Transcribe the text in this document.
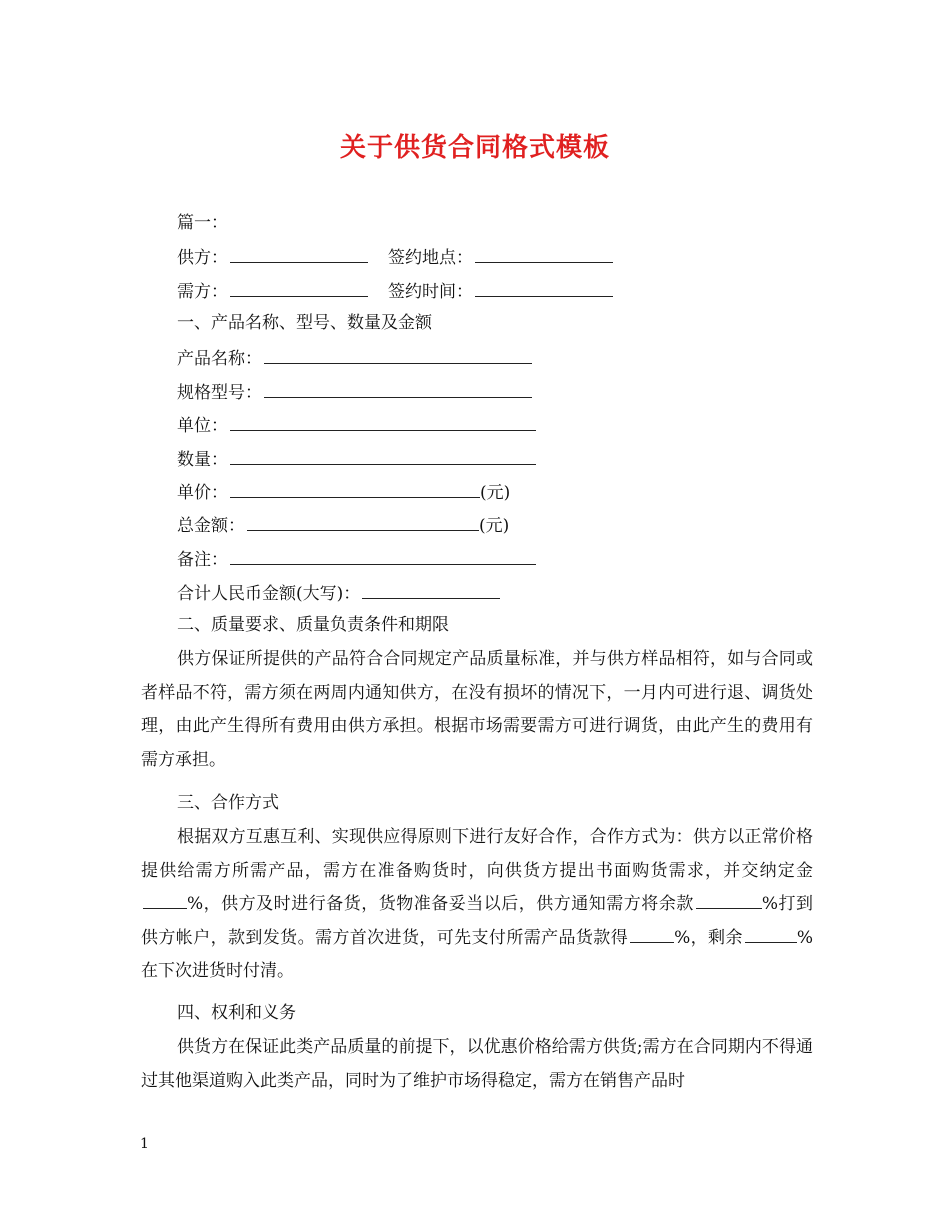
关于供货合同格式模板
篇一：
供方：	签约地点：
需方：	签约时间：
一、产品名称、型号、数量及金额
产品名称：
规格型号：
单位：
数量：
单价：	(元)
总金额：	(元)
备注：
合计人民币金额(大写)：
二、质量要求、质量负责条件和期限
供方保证所提供的产品符合合同规定产品质量标准，并与供方样品相符，如与合同或者样品不符，需方须在两周内通知供方，在没有损坏的情况下，一月内可进行退、调货处理，由此产生得所有费用由供方承担。根据市场需要需方可进行调货，由此产生的费用有需方承担。
三、合作方式
根据双方互惠互利、实现供应得原则下进行友好合作，合作方式为：供方以正常价格提供给需方所需产品，需方在准备购货时，向供货方提出书面购货需求，并交纳定金%，供方及时进行备货，货物准备妥当以后，供方通知需方将余款	%打到供方帐户，款到发货。需方首次进货，可先支付所需产品货款得	%，剩余	%在下次进货时付清。
四、权利和义务
供货方在保证此类产品质量的前提下，以优惠价格给需方供货;需方在合同期内不得通过其他渠道购入此类产品，同时为了维护市场得稳定，需方在销售产品时
1
